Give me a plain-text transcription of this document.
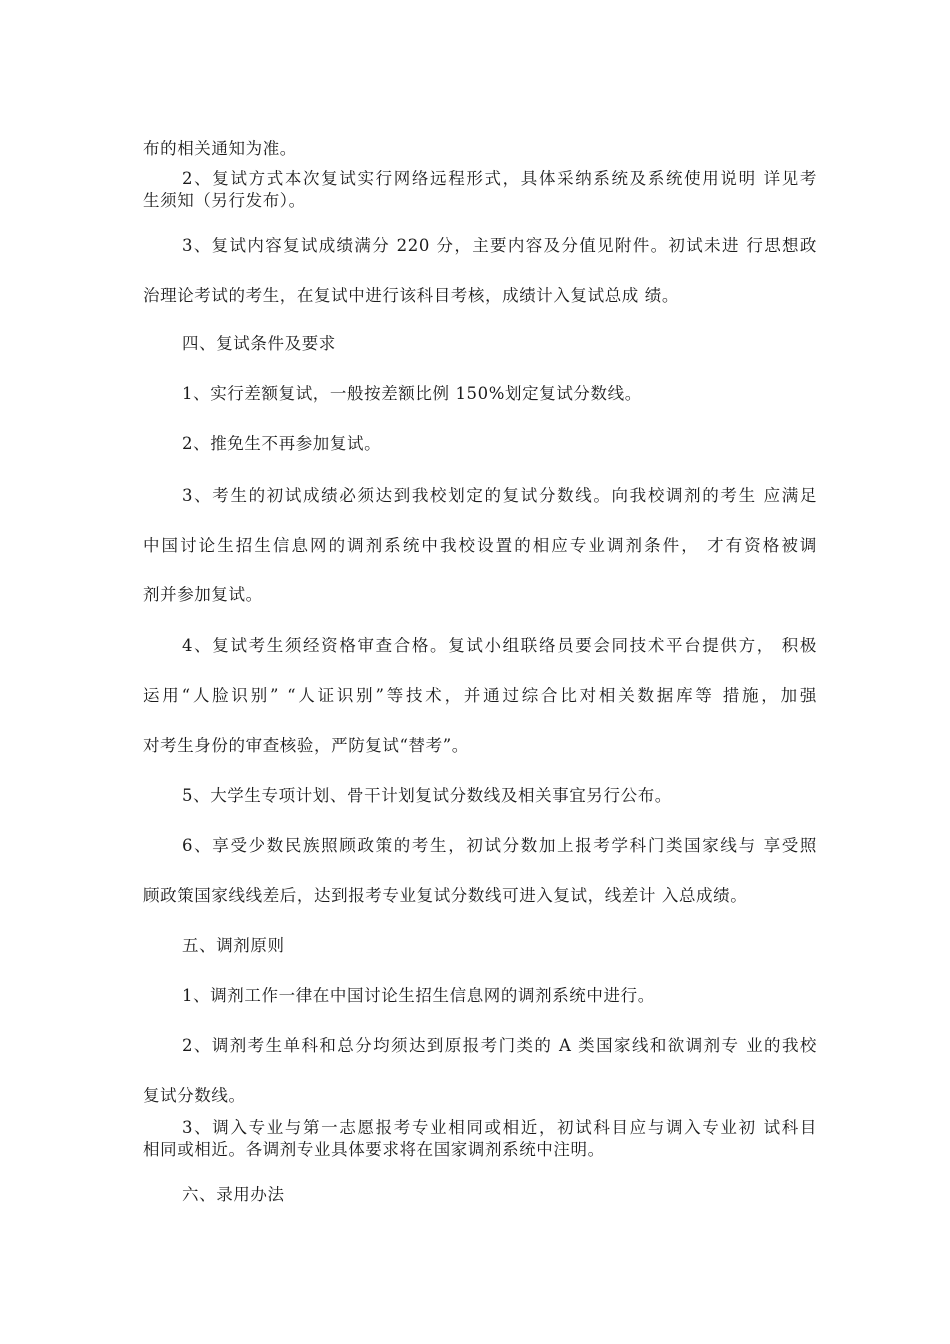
布的相关通知为准。
2、复试方式本次复试实行网络远程形式，具体采纳系统及系统使用说明 详见考
生须知（另行发布）。
3、复试内容复试成绩满分 220 分，主要内容及分值见附件。初试未进 行思想政
治理论考试的考生，在复试中进行该科目考核，成绩计入复试总成 绩。
四、复试条件及要求
1、实行差额复试，一般按差额比例 150%划定复试分数线。
2、推免生不再参加复试。
3、考生的初试成绩必须达到我校划定的复试分数线。向我校调剂的考生 应满足
中国讨论生招生信息网的调剂系统中我校设置的相应专业调剂条件， 才有资格被调
剂并参加复试。
4、复试考生须经资格审查合格。复试小组联络员要会同技术平台提供方， 积极
运用“人脸识别” “人证识别”等技术，并通过综合比对相关数据库等 措施，加强
对考生身份的审查核验，严防复试“替考”。
5、大学生专项计划、骨干计划复试分数线及相关事宜另行公布。
6、享受少数民族照顾政策的考生，初试分数加上报考学科门类国家线与 享受照
顾政策国家线线差后，达到报考专业复试分数线可进入复试，线差计 入总成绩。
五、调剂原则
1、调剂工作一律在中国讨论生招生信息网的调剂系统中进行。
2、调剂考生单科和总分均须达到原报考门类的 A 类国家线和欲调剂专 业的我校
复试分数线。
3、调入专业与第一志愿报考专业相同或相近，初试科目应与调入专业初 试科目
相同或相近。各调剂专业具体要求将在国家调剂系统中注明。
六、录用办法
